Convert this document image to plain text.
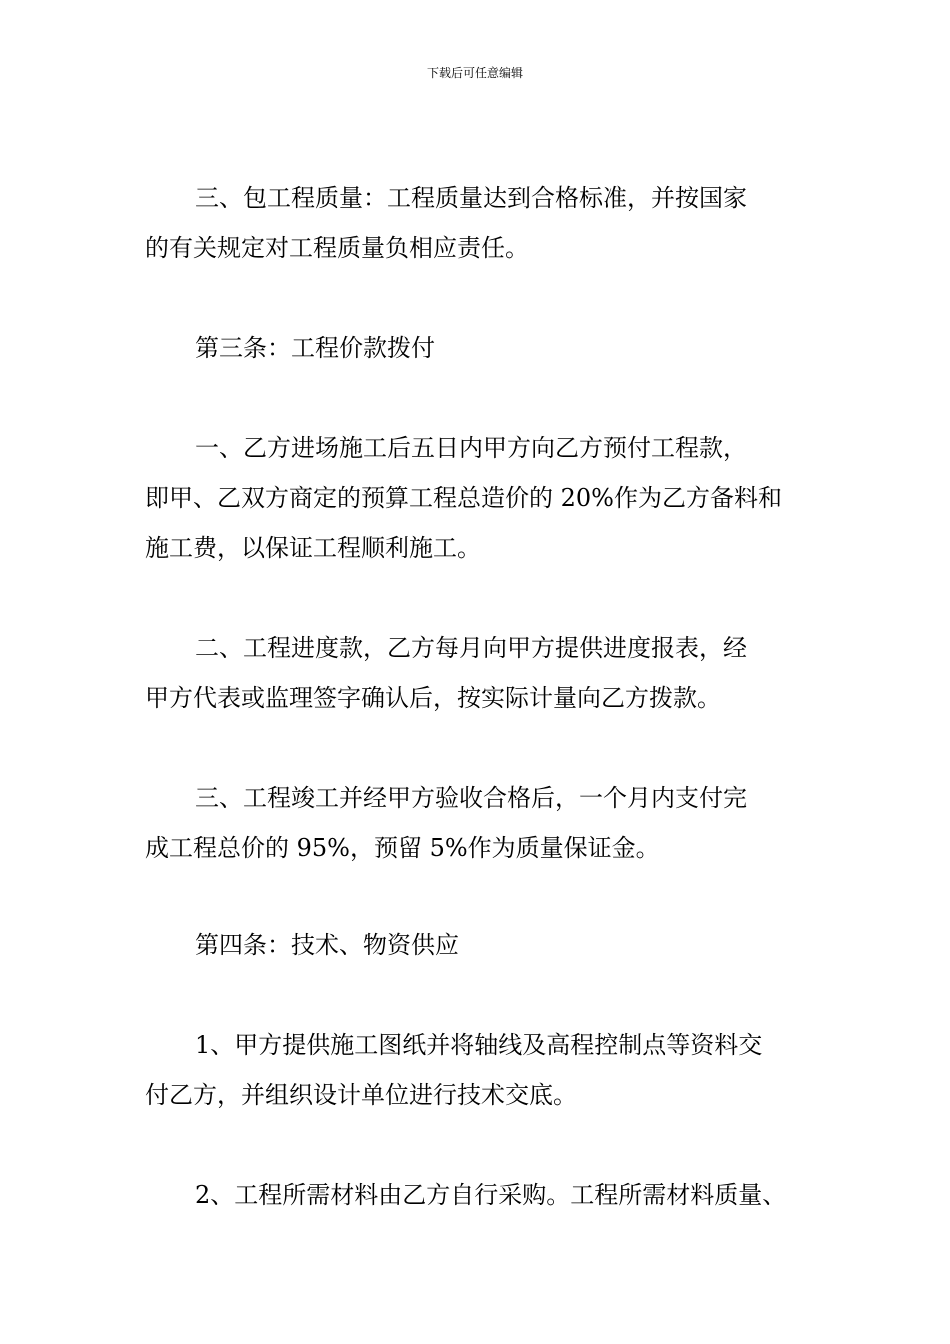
下载后可任意编辑
三、包工程质量：工程质量达到合格标准，并按国家
的有关规定对工程质量负相应责任。
第三条：工程价款拨付
一、乙方进场施工后五日内甲方向乙方预付工程款，
即甲、乙双方商定的预算工程总造价的 20%作为乙方备料和
施工费，以保证工程顺利施工。
二、工程进度款，乙方每月向甲方提供进度报表，经
甲方代表或监理签字确认后，按实际计量向乙方拨款。
三、工程竣工并经甲方验收合格后，一个月内支付完
成工程总价的 95%，预留 5%作为质量保证金。
第四条：技术、物资供应
1、甲方提供施工图纸并将轴线及高程控制点等资料交
付乙方，并组织设计单位进行技术交底。
2、工程所需材料由乙方自行采购。工程所需材料质量、
